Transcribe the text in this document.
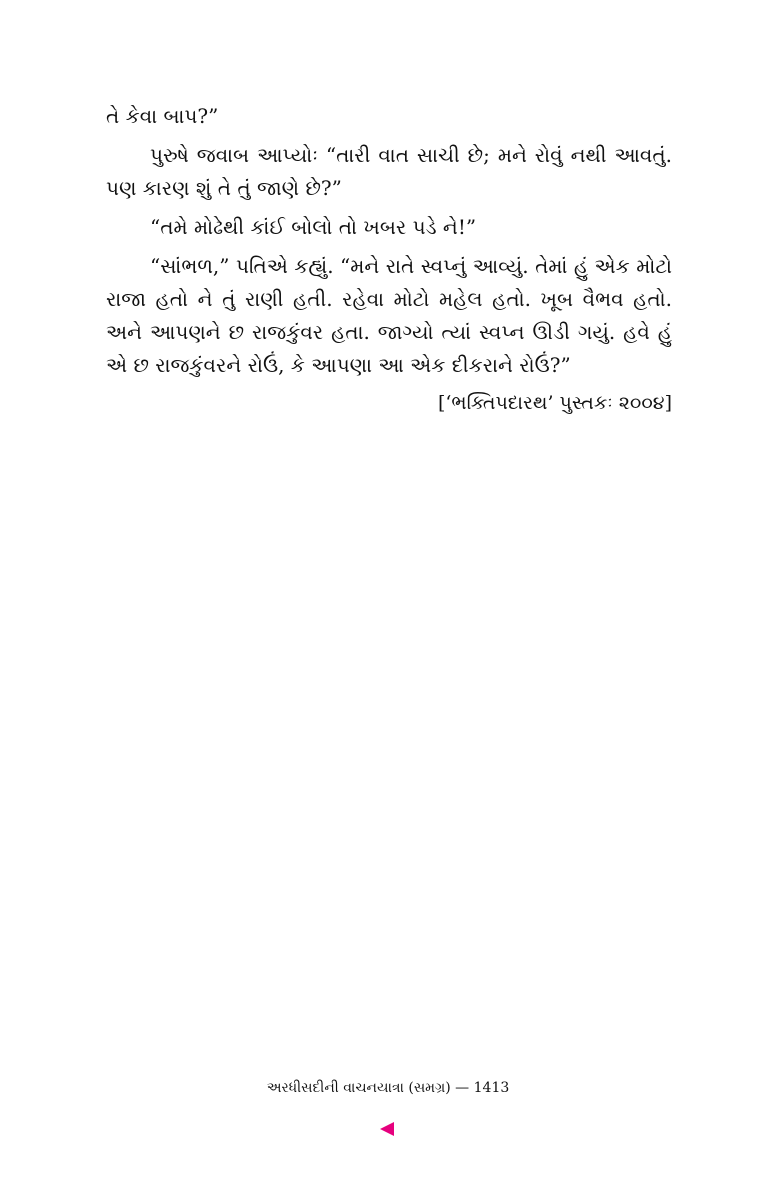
તે કેવા બાપ?”

પુરુષે જવાબ આપ્યોઃ “તારી વાત સાચી છે; મને રોવું નથી આવતું. પણ કારણ શું તે તું જાણે છે?”

“તમે મોઢેથી કાંઈ બોલો તો ખબર પડે ને!”

“સાંભળ,” પતિએ કહ્યું. “મને રાતે સ્વપ્નું આવ્યું. તેમાં હું એક મોટો રાજા હતો ને તું રાણી હતી. રહેવા મોટો મહેલ હતો. ખૂબ વૈભવ હતો. અને આપણને છ રાજકુંવર હતા. જાગ્યો ત્યાં સ્વપ્ન ઊડી ગયું. હવે હું એ છ રાજકુંવરને રોઉં, કે આપણા આ એક દીકરાને રોઉં?”

[‘ભક્તિપદારથ’ પુસ્તકઃ ૨૦૦૪]
અરધીસદીની વાચનયાત્રા (સમગ્ર) — 1413
